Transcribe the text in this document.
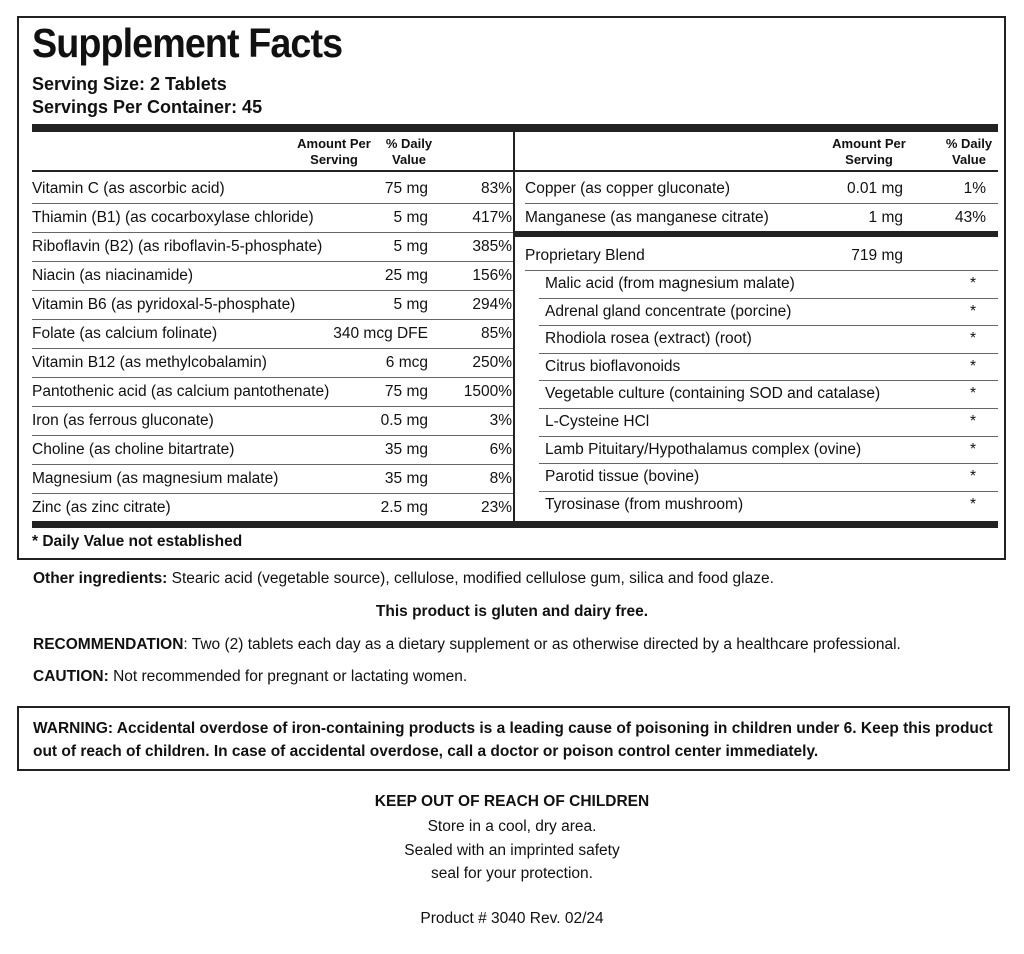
Supplement Facts
Serving Size: 2 Tablets
Servings Per Container: 45
Amount Per
Serving
% Daily
Value
Amount Per
Serving
% Daily
Value
Vitamin C (as ascorbic acid)	75 mg	83%
Thiamin (B1) (as cocarboxylase chloride)	5 mg	417%
Riboflavin (B2) (as riboflavin-5-phosphate)	5 mg	385%
Niacin (as niacinamide)	25 mg	156%
Vitamin B6 (as pyridoxal-5-phosphate)	5 mg	294%
Folate (as calcium folinate)	340 mcg DFE	85%
Vitamin B12 (as methylcobalamin)	6 mcg	250%
Pantothenic acid (as calcium pantothenate)	75 mg 1500%
Iron (as ferrous gluconate)	0.5 mg	3%
Choline (as choline bitartrate)	35 mg	6%
Magnesium (as magnesium malate)	35 mg	8%
Zinc (as zinc citrate)	2.5 mg	23%
Copper (as copper gluconate)	0.01 mg	1%
Manganese (as manganese citrate)	1 mg	43%
Proprietary Blend	719 mg
Malic acid (from magnesium malate)	*
Adrenal gland concentrate (porcine)	*
Rhodiola rosea (extract) (root)	*
Citrus bioflavonoids	*
Vegetable culture (containing SOD and catalase)	*
L-Cysteine HCl	*
Lamb Pituitary/Hypothalamus complex (ovine)	*
Parotid tissue (bovine)	*
Tyrosinase (from mushroom)	*
* Daily Value not established
Other ingredients: Stearic acid (vegetable source), cellulose, modified cellulose gum, silica and food glaze.
This product is gluten and dairy free.
RECOMMENDATION: Two (2) tablets each day as a dietary supplement or as otherwise directed by a healthcare professional.
CAUTION: Not recommended for pregnant or lactating women.
WARNING: Accidental overdose of iron-containing products is a leading cause of poisoning in children under 6. Keep this product out of reach of children. In case of accidental overdose, call a doctor or poison control center immediately.
KEEP OUT OF REACH OF CHILDREN
Store in a cool, dry area.
Sealed with an imprinted safety
seal for your protection.
Product # 3040 Rev. 02/24
